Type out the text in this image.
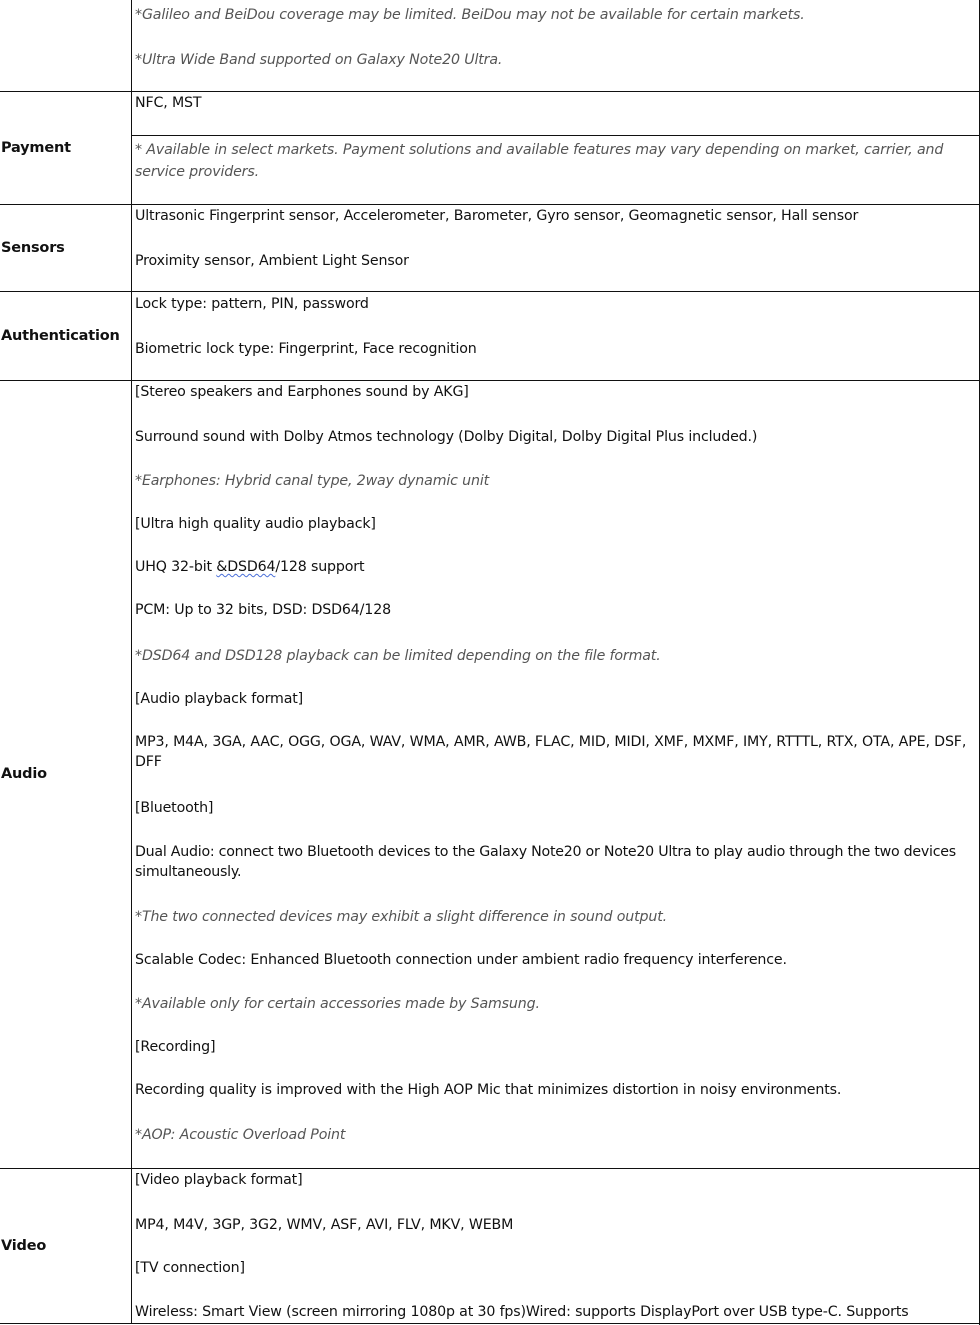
*Galileo and BeiDou coverage may be limited. BeiDou may not be available for certain markets.
*Ultra Wide Band supported on Galaxy Note20 Ultra.
Payment
NFC, MST
* Available in select markets. Payment solutions and available features may vary depending on market, carrier, and service providers.
Sensors
Ultrasonic Fingerprint sensor, Accelerometer, Barometer, Gyro sensor, Geomagnetic sensor, Hall sensor
Proximity sensor, Ambient Light Sensor
Authentication
Lock type: pattern, PIN, password
Biometric lock type: Fingerprint, Face recognition
Audio
[Stereo speakers and Earphones sound by AKG]
Surround sound with Dolby Atmos technology (Dolby Digital, Dolby Digital Plus included.)
*Earphones: Hybrid canal type, 2way dynamic unit
[Ultra high quality audio playback]
UHQ 32-bit &DSD64/128 support
PCM: Up to 32 bits, DSD: DSD64/128
*DSD64 and DSD128 playback can be limited depending on the file format.
[Audio playback format]
MP3, M4A, 3GA, AAC, OGG, OGA, WAV, WMA, AMR, AWB, FLAC, MID, MIDI, XMF, MXMF, IMY, RTTTL, RTX, OTA, APE, DSF, DFF
[Bluetooth]
Dual Audio: connect two Bluetooth devices to the Galaxy Note20 or Note20 Ultra to play audio through the two devices simultaneously.
*The two connected devices may exhibit a slight difference in sound output.
Scalable Codec: Enhanced Bluetooth connection under ambient radio frequency interference.
*Available only for certain accessories made by Samsung.
[Recording]
Recording quality is improved with the High AOP Mic that minimizes distortion in noisy environments.
*AOP: Acoustic Overload Point
Video
[Video playback format]
MP4, M4V, 3GP, 3G2, WMV, ASF, AVI, FLV, MKV, WEBM
[TV connection]
Wireless: Smart View (screen mirroring 1080p at 30 fps)Wired: supports DisplayPort over USB type-C. Supports
